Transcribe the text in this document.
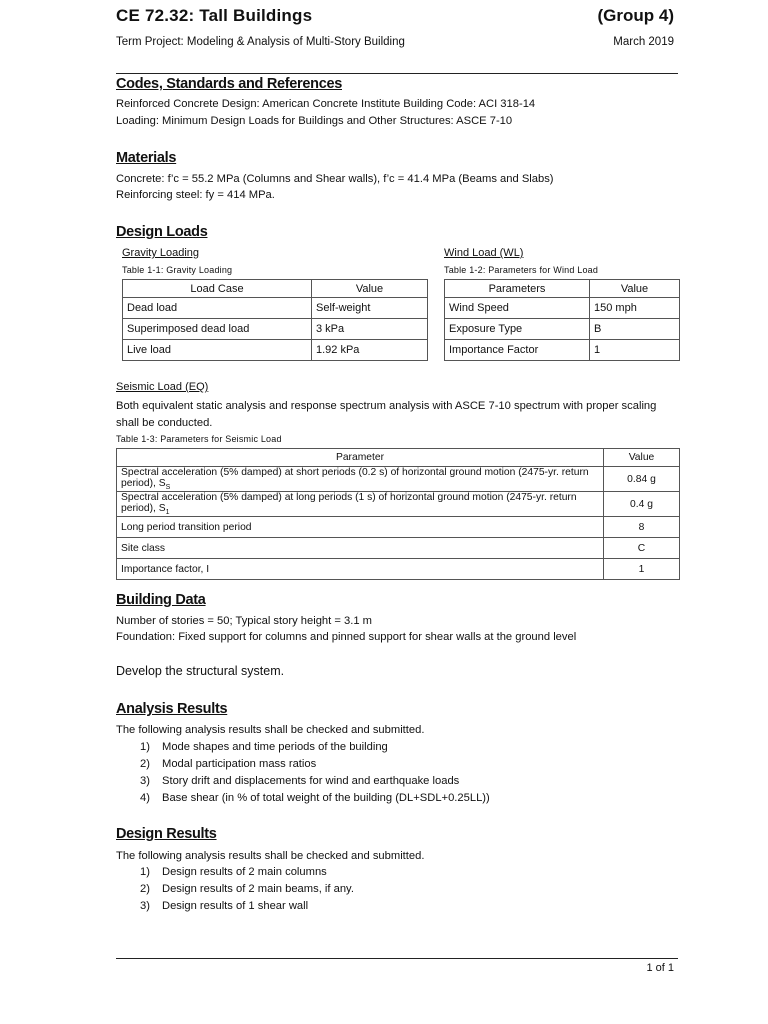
CE 72.32: Tall Buildings	(Group 4)
Term Project: Modeling & Analysis of Multi-Story Building	March 2019
Codes, Standards and References
Reinforced Concrete Design: American Concrete Institute Building Code: ACI 318-14
Loading: Minimum Design Loads for Buildings and Other Structures: ASCE 7-10
Materials
Concrete: f’c = 55.2 MPa (Columns and Shear walls), f’c = 41.4 MPa (Beams and Slabs)
Reinforcing steel: fy = 414 MPa.
Design Loads
Gravity Loading
Table 1-1: Gravity Loading
Load Case	Value
Dead load	Self-weight
Superimposed dead load	3 kPa
Live load	1.92 kPa
Wind Load (WL)
Table 1-2: Parameters for Wind Load
Parameters	Value
Wind Speed	150 mph
Exposure Type	B
Importance Factor	1
Seismic Load (EQ)
Both equivalent static analysis and response spectrum analysis with ASCE 7-10 spectrum with proper scaling shall be conducted.
Table 1-3: Parameters for Seismic Load
Parameter	Value
Spectral acceleration (5% damped) at short periods (0.2 s) of horizontal ground motion (2475-yr. return period), $S_S$	0.84 g
Spectral acceleration (5% damped) at long periods (1 s) of horizontal ground motion (2475-yr. return period), $S_1$	0.4 g
Long period transition period	8
Site class	C
Importance factor, I	1
Building Data
Number of stories = 50; Typical story height = 3.1 m
Foundation: Fixed support for columns and pinned support for shear walls at the ground level
Develop the structural system.
Analysis Results
The following analysis results shall be checked and submitted.
1) Mode shapes and time periods of the building
2) Modal participation mass ratios
3) Story drift and displacements for wind and earthquake loads
4) Base shear (in % of total weight of the building (DL+SDL+0.25LL))
Design Results
The following analysis results shall be checked and submitted.
1) Design results of 2 main columns
2) Design results of 2 main beams, if any.
3) Design results of 1 shear wall
1 of 1
